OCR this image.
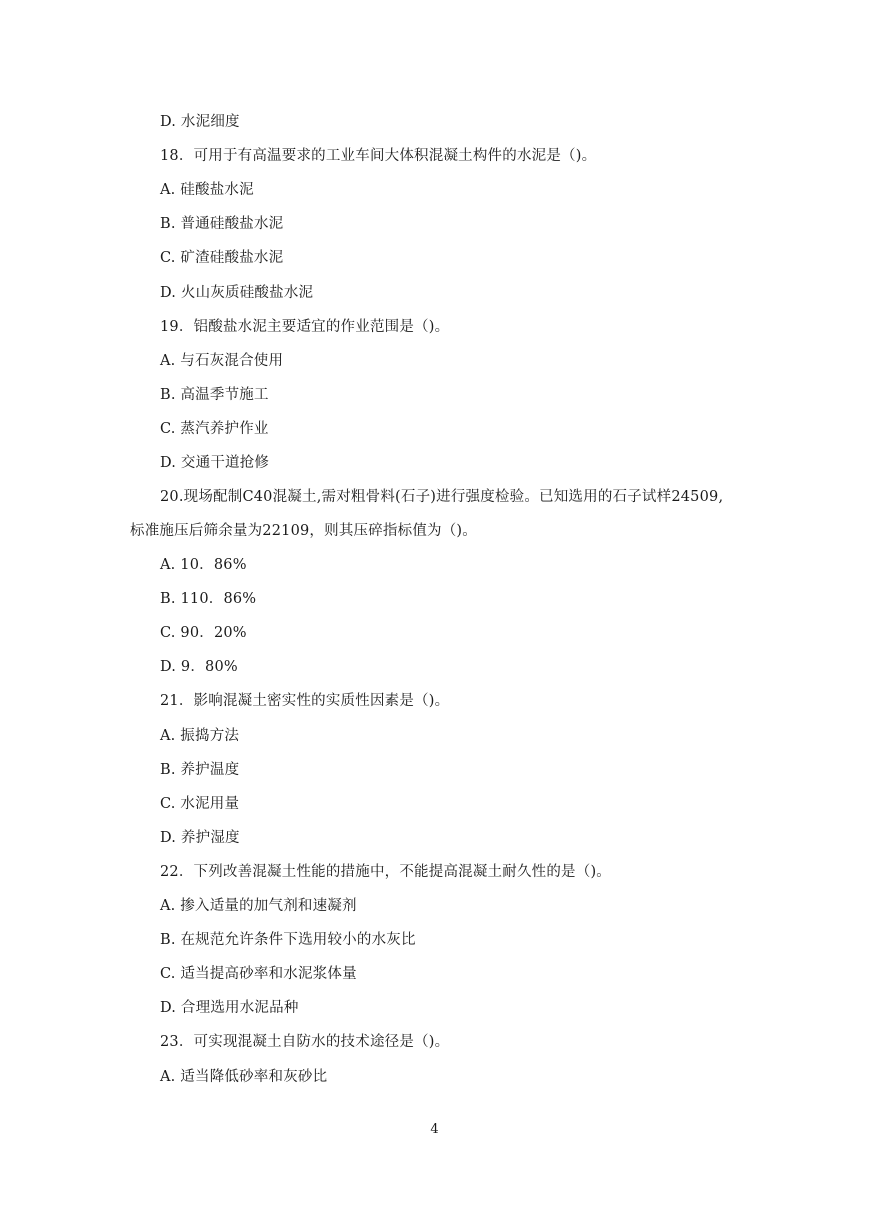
D. 水泥细度
18．可用于有高温要求的工业车间大体积混凝土构件的水泥是（)。
A. 硅酸盐水泥
B. 普通硅酸盐水泥
C. 矿渣硅酸盐水泥
D. 火山灰质硅酸盐水泥
19．铝酸盐水泥主要适宜的作业范围是（)。
A. 与石灰混合使用
B. 高温季节施工
C. 蒸汽养护作业
D. 交通干道抢修
20.现场配制C40混凝土,需对粗骨料(石子)进行强度检验。已知选用的石子试样24509,
标准施压后筛余量为22109，则其压碎指标值为（)。
A. 10．86%
B. 110．86%
C. 90．20%
D. 9．80%
21．影响混凝土密实性的实质性因素是（)。
A. 振捣方法
B. 养护温度
C. 水泥用量
D. 养护湿度
22．下列改善混凝土性能的措施中，不能提高混凝土耐久性的是（)。
A. 掺入适量的加气剂和速凝剂
B. 在规范允许条件下选用较小的水灰比
C. 适当提高砂率和水泥浆体量
D. 合理选用水泥品种
23．可实现混凝土自防水的技术途径是（)。
A. 适当降低砂率和灰砂比
4
